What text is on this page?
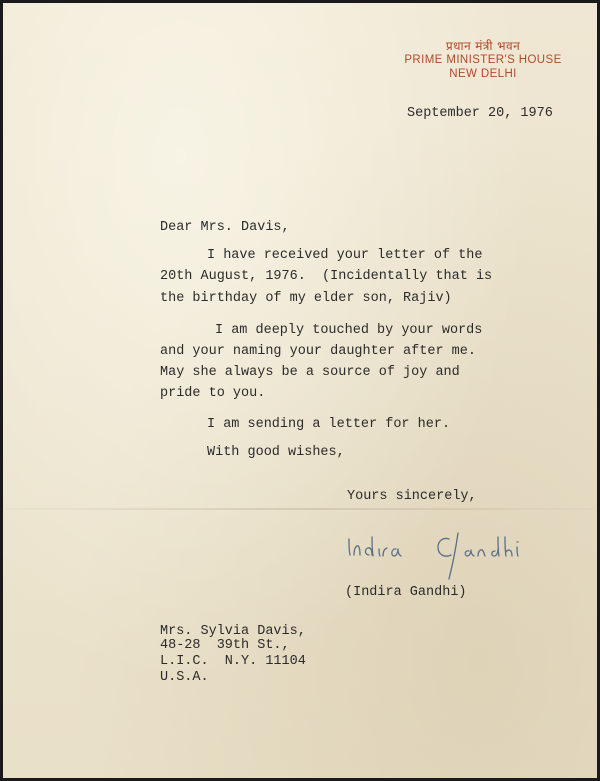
प्रधान मंत्री भवन
PRIME MINISTER'S HOUSE
NEW DELHI
September 20, 1976
Dear Mrs. Davis,
I have received your letter of the
20th August, 1976.  (Incidentally that is
the birthday of my elder son, Rajiv)
I am deeply touched by your words
and your naming your daughter after me.
May she always be a source of joy and
pride to you.
I am sending a letter for her.
With good wishes,
Yours sincerely,
(Indira Gandhi)
Mrs. Sylvia Davis,
48-28  39th St.,
L.I.C.  N.Y. 11104
U.S.A.
